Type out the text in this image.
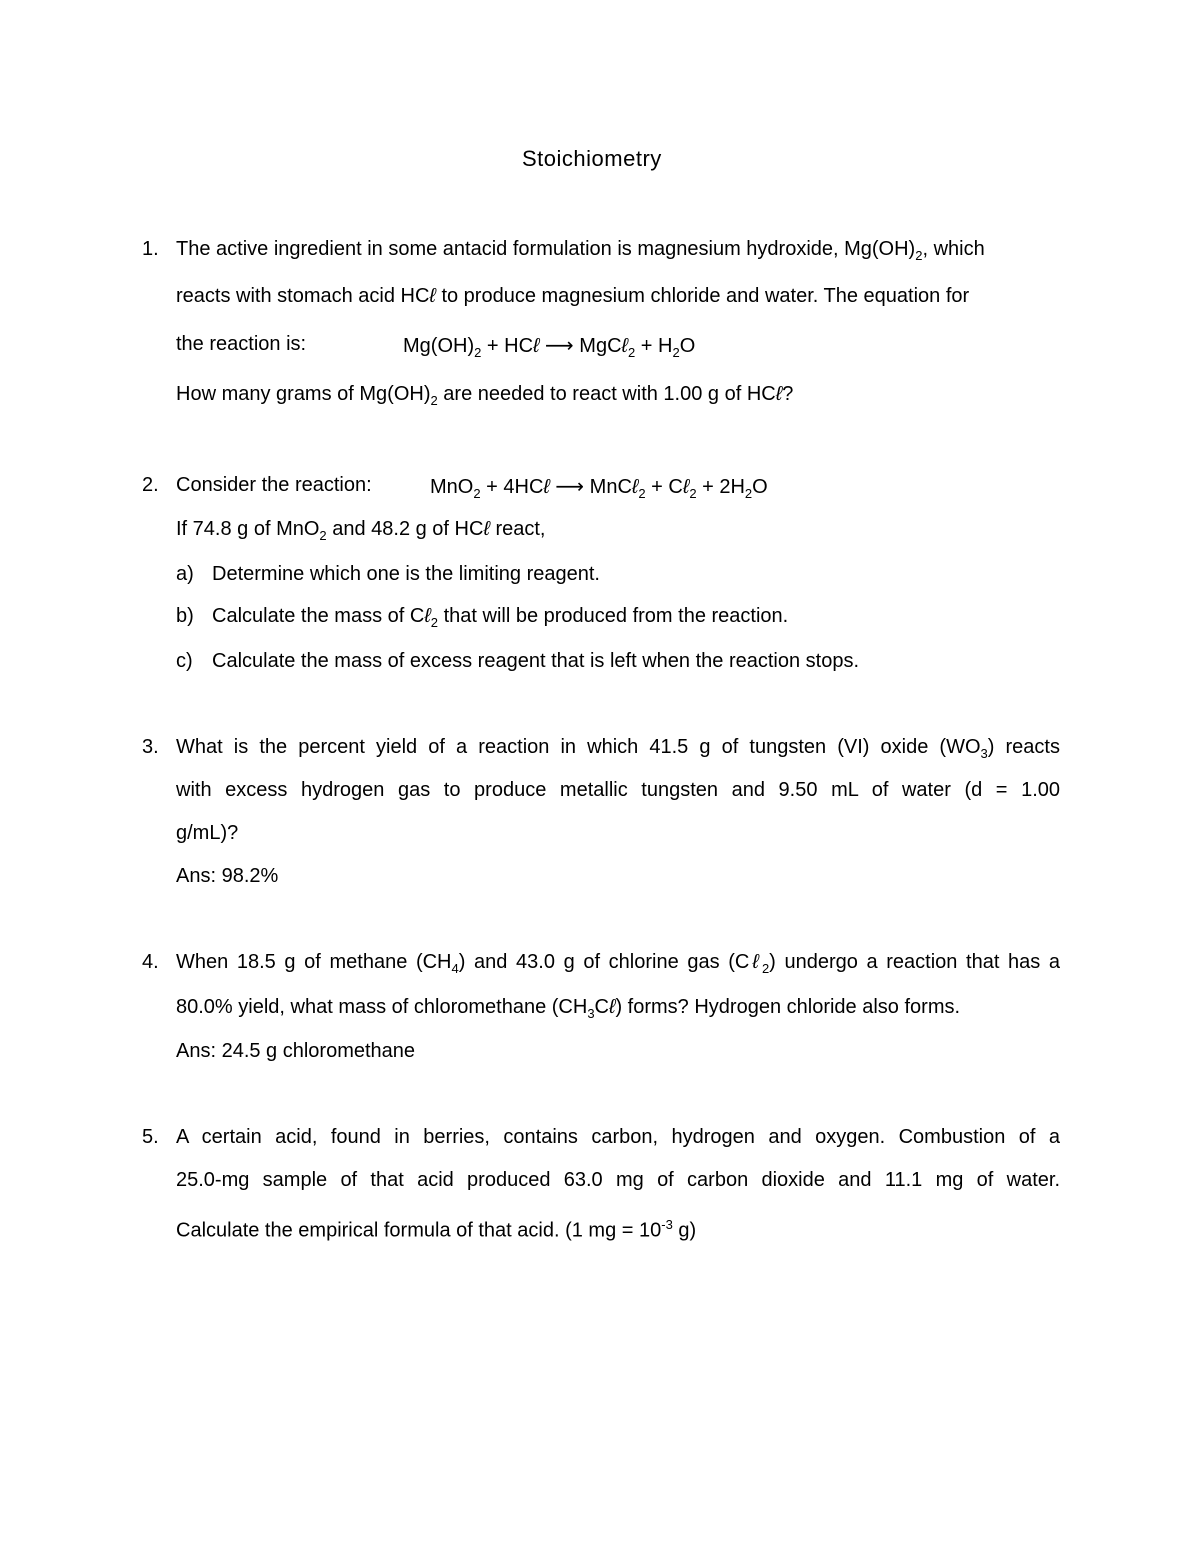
Stoichiometry
1. The active ingredient in some antacid formulation is magnesium hydroxide, $Mg(OH)_2$, which
reacts with stomach acid HCℓ to produce magnesium chloride and water. The equation for
the reaction is:	$Mg(OH)_2$ + HCℓ ⟶ MgCℓ$_2$ + $H_2O$
How many grams of $Mg(OH)_2$ are needed to react with 1.00 g of HCℓ?
2. Consider the reaction:	MnO$_2$ + 4HCℓ ⟶ MnCℓ$_2$ + Cℓ$_2$ + $2H_2O$
If 74.8 g of MnO$_2$ and 48.2 g of HCℓ react,
a) Determine which one is the limiting reagent.
b) Calculate the mass of Cℓ$_2$ that will be produced from the reaction.
c) Calculate the mass of excess reagent that is left when the reaction stops.
3. What is the percent yield of a reaction in which 41.5 g of tungsten (VI) oxide $(WO_3)$ reacts
with excess hydrogen gas to produce metallic tungsten and 9.50 mL of water (d = 1.00
g/mL)?
Ans: 98.2%
4. When 18.5 g of methane $(CH_4)$ and 43.0 g of chlorine gas (Cℓ$_2$) undergo a reaction that has a
80.0% yield, what mass of chloromethane $(CH_3C\ell)$ forms? Hydrogen chloride also forms.
Ans: 24.5 g chloromethane
5. A certain acid, found in berries, contains carbon, hydrogen and oxygen. Combustion of a
25.0-mg sample of that acid produced 63.0 mg of carbon dioxide and 11.1 mg of water.
Calculate the empirical formula of that acid. (1 mg = $10^{-3}$ g)
